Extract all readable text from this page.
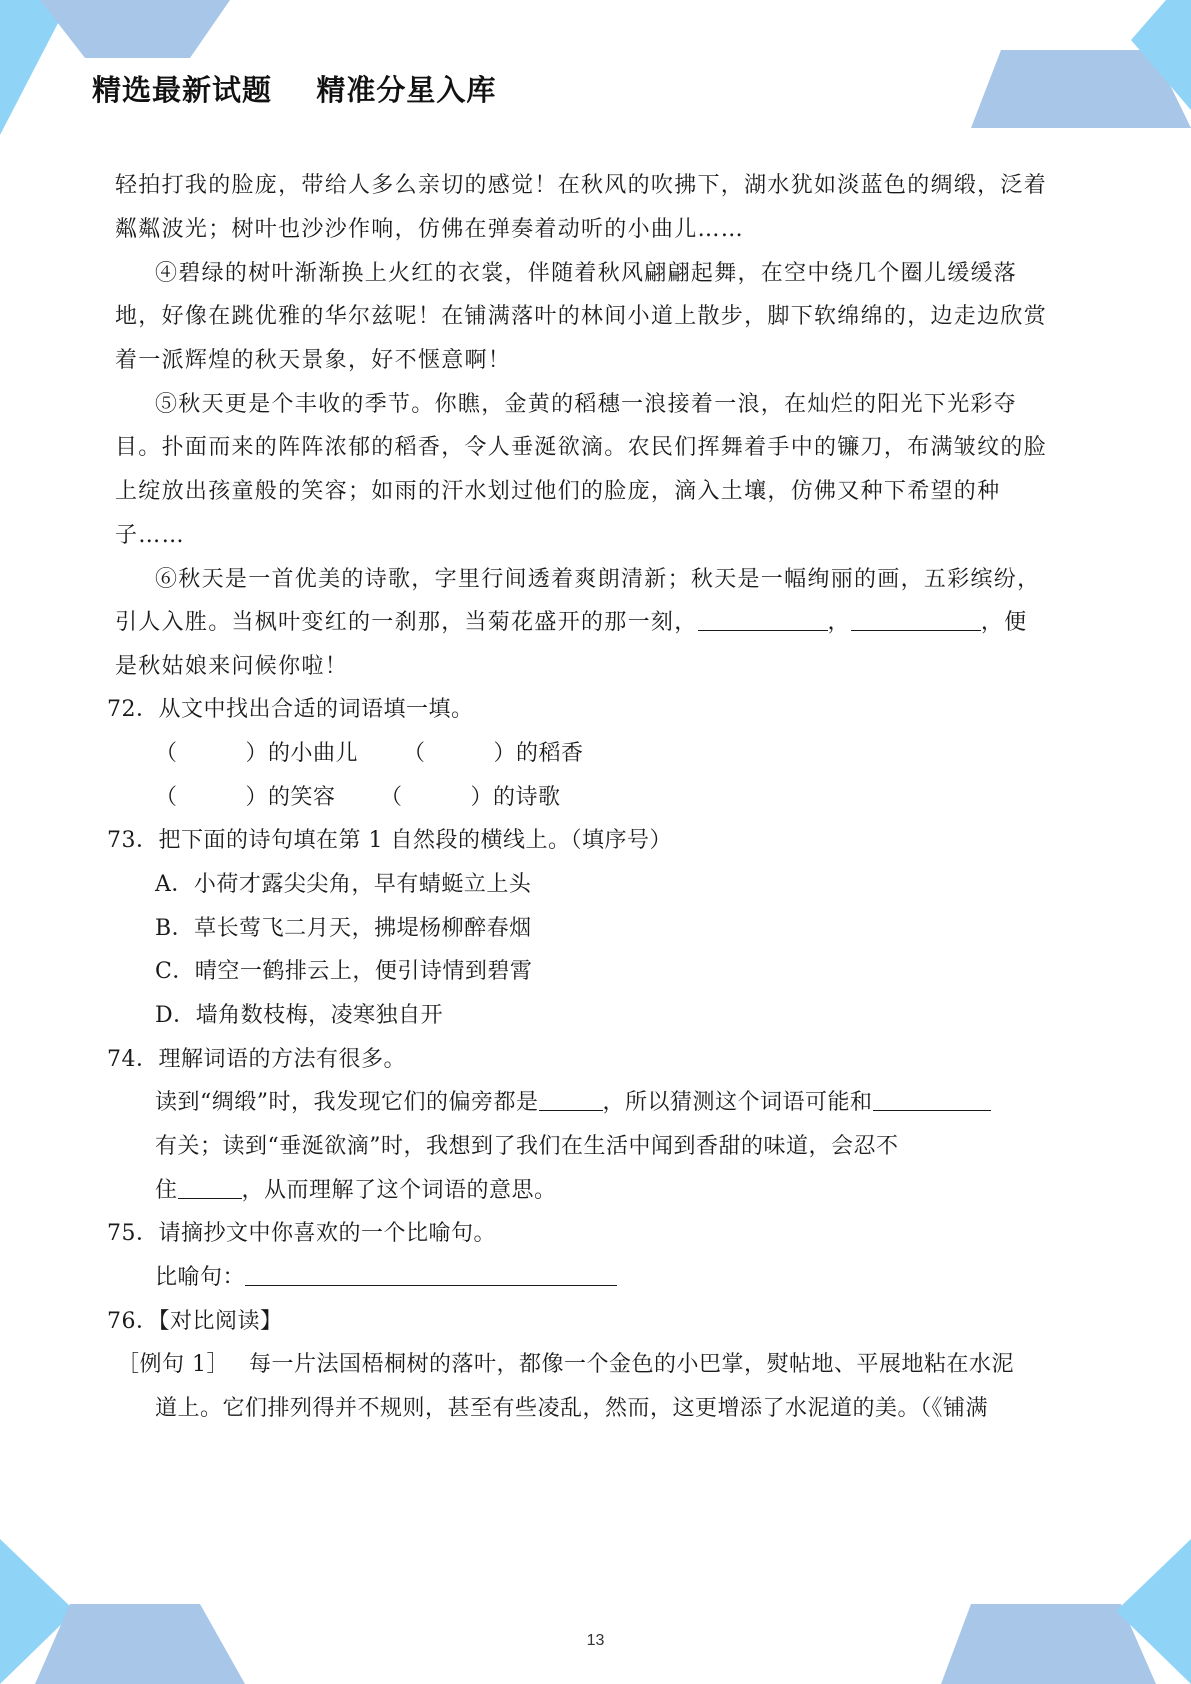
精选最新试题    精准分星入库
轻拍打我的脸庞，带给人多么亲切的感觉！在秋风的吹拂下，湖水犹如淡蓝色的绸缎，泛着
粼粼波光；树叶也沙沙作响，仿佛在弹奏着动听的小曲儿……
④碧绿的树叶渐渐换上火红的衣裳，伴随着秋风翩翩起舞，在空中绕几个圈儿缓缓落
地，好像在跳优雅的华尔兹呢！在铺满落叶的林间小道上散步，脚下软绵绵的，边走边欣赏
着一派辉煌的秋天景象，好不惬意啊！
⑤秋天更是个丰收的季节。你瞧，金黄的稻穗一浪接着一浪，在灿烂的阳光下光彩夺
目。扑面而来的阵阵浓郁的稻香，令人垂涎欲滴。农民们挥舞着手中的镰刀，布满皱纹的脸
上绽放出孩童般的笑容；如雨的汗水划过他们的脸庞，滴入土壤，仿佛又种下希望的种
子……
⑥秋天是一首优美的诗歌，字里行间透着爽朗清新；秋天是一幅绚丽的画，五彩缤纷，
引人入胜。当枫叶变红的一刹那，当菊花盛开的那一刻，	，	，便
是秋姑娘来问候你啦！
72．从文中找出合适的词语填一填。
（	）的小曲儿 （	）的稻香
（	）的笑容 （	）的诗歌
73．把下面的诗句填在第 1 自然段的横线上。（填序号）
A．小荷才露尖尖角，早有蜻蜓立上头
B．草长莺飞二月天，拂堤杨柳醉春烟
C．晴空一鹤排云上，便引诗情到碧霄
D．墙角数枝梅，凌寒独自开
74．理解词语的方法有很多。
读到“绸缎”时，我发现它们的偏旁都是	，所以猜测这个词语可能和
有关；读到“垂涎欲滴”时，我想到了我们在生活中闻到香甜的味道，会忍不
住	，从而理解了这个词语的意思。
75．请摘抄文中你喜欢的一个比喻句。
比喻句：
76．【对比阅读】
［例句 1］ 每一片法国梧桐树的落叶，都像一个金色的小巴掌，熨帖地、平展地粘在水泥
道上。它们排列得并不规则，甚至有些凌乱，然而，这更增添了水泥道的美。（《铺满
13
